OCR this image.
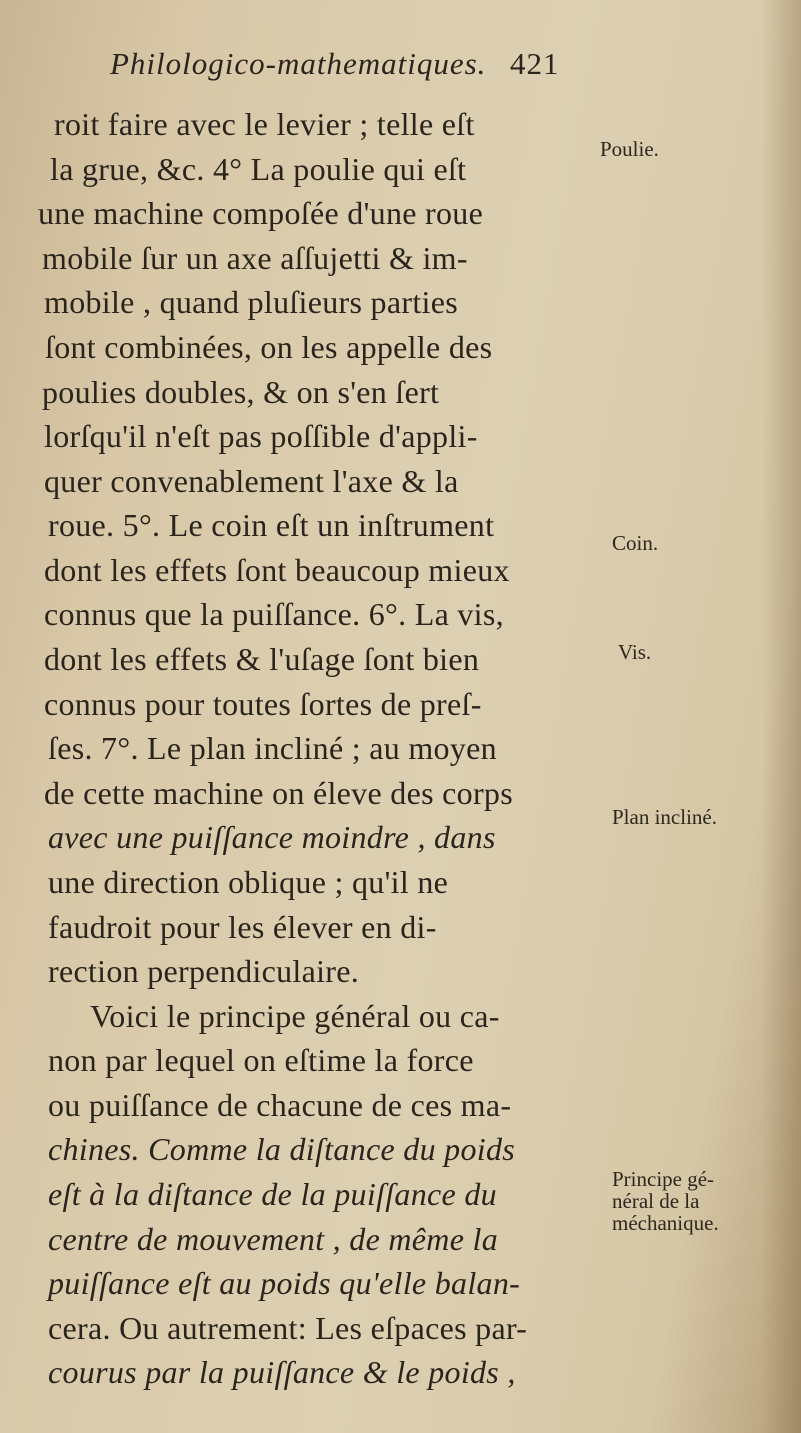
Philologico-mathematiques. 421
roit faire avec le levier ; telle eſt
la grue, &c. 4° La poulie qui eſt
une machine compoſée d'une roue
mobile ſur un axe aſſujetti & im-
mobile , quand pluſieurs parties
ſont combinées, on les appelle des
poulies doubles, & on s'en ſert
lorſqu'il n'eſt pas poſſible d'appli-
quer convenablement l'axe & la
roue. 5°. Le coin eſt un inſtrument
dont les effets ſont beaucoup mieux
connus que la puiſſance. 6°. La vis,
dont les effets & l'uſage ſont bien
connus pour toutes ſortes de preſ-
ſes. 7°. Le plan incliné ; au moyen
de cette machine on éleve des corps
avec une puiſſance moindre , dans
une direction oblique ; qu'il ne
faudroit pour les élever en di-
rection perpendiculaire.
Voici le principe général ou ca-
non par lequel on eſtime la force
ou puiſſance de chacune de ces ma-
chines. Comme la diſtance du poids
eſt à la diſtance de la puiſſance du
centre de mouvement , de même la
puiſſance eſt au poids qu'elle balan-
cera. Ou autrement: Les eſpaces par-
courus par la puiſſance & le poids ,
Poulie.
Coin.
Vis.
Plan incliné.
Principe gé-
néral de la
méchanique.
